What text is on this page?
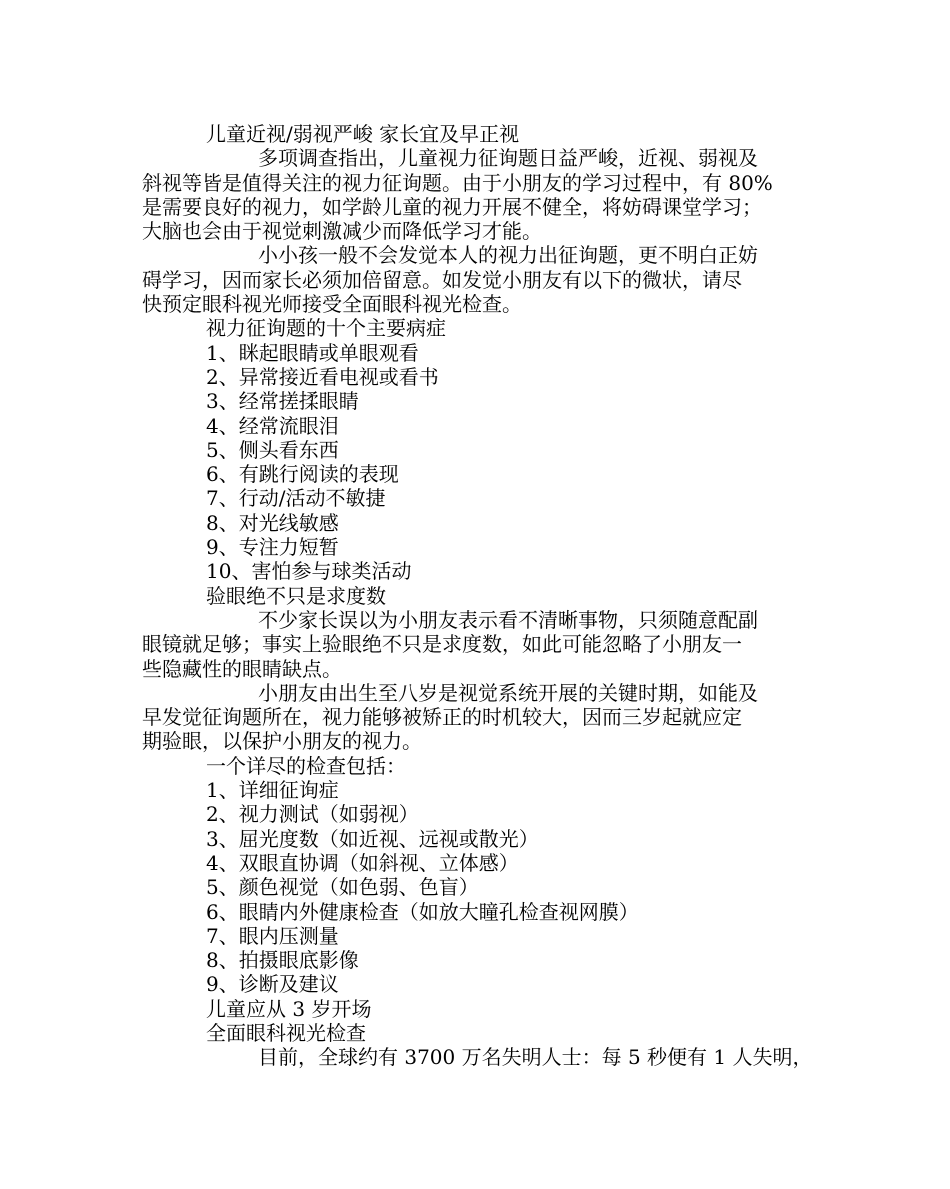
儿童近视/弱视严峻 家长宜及早正视
多项调查指出，儿童视力征询题日益严峻，近视、弱视及
斜视等皆是值得关注的视力征询题。由于小朋友的学习过程中，有 80%
是需要良好的视力，如学龄儿童的视力开展不健全，将妨碍课堂学习；
大脑也会由于视觉刺激减少而降低学习才能。
小小孩一般不会发觉本人的视力出征询题，更不明白正妨
碍学习，因而家长必须加倍留意。如发觉小朋友有以下的微状，请尽
快预定眼科视光师接受全面眼科视光检查。
视力征询题的十个主要病症
1、眯起眼睛或单眼观看
2、异常接近看电视或看书
3、经常搓揉眼睛
4、经常流眼泪
5、侧头看东西
6、有跳行阅读的表现
7、行动/活动不敏捷
8、对光线敏感
9、专注力短暂
10、害怕参与球类活动
验眼绝不只是求度数
不少家长误以为小朋友表示看不清晰事物，只须随意配副
眼镜就足够；事实上验眼绝不只是求度数，如此可能忽略了小朋友一
些隐藏性的眼睛缺点。
小朋友由出生至八岁是视觉系统开展的关键时期，如能及
早发觉征询题所在，视力能够被矫正的时机较大，因而三岁起就应定
期验眼，以保护小朋友的视力。
一个详尽的检查包括：
1、详细征询症
2、视力测试（如弱视）
3、屈光度数（如近视、远视或散光）
4、双眼直协调（如斜视、立体感）
5、颜色视觉（如色弱、色盲）
6、眼睛内外健康检查（如放大瞳孔检查视网膜）
7、眼内压测量
8、拍摄眼底影像
9、诊断及建议
儿童应从 3 岁开场
全面眼科视光检查
目前，全球约有 3700 万名失明人士：每 5 秒便有 1 人失明，
